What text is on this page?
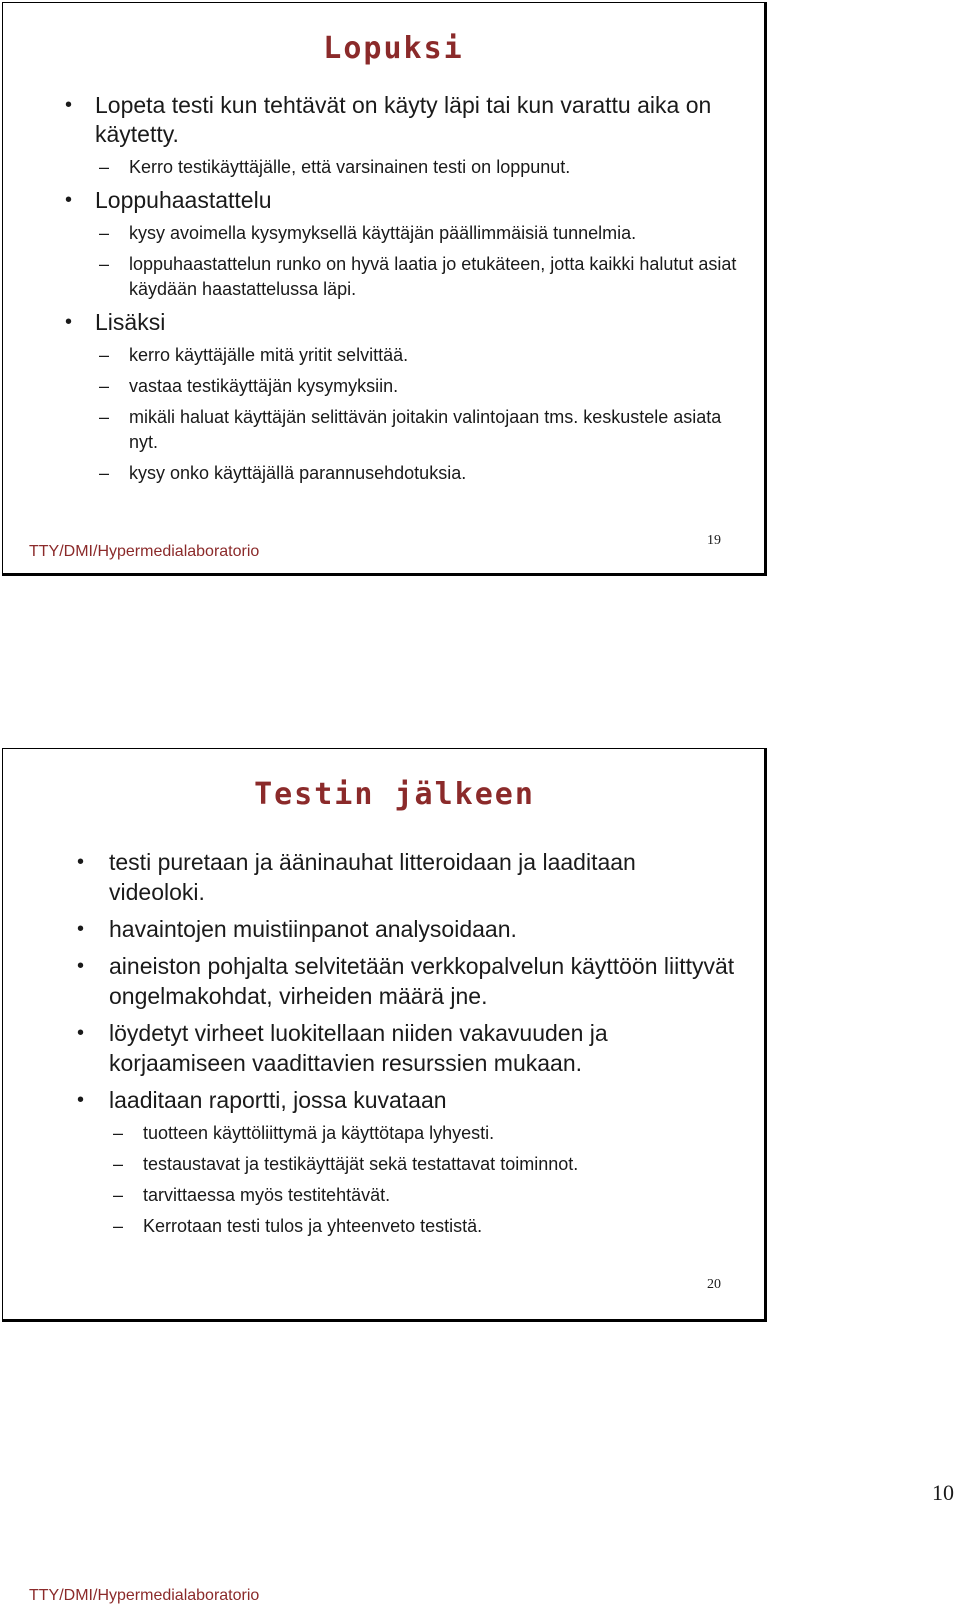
Lopuksi
• Lopeta testi kun tehtävät on käyty läpi tai kun varattu aika on käytetty.
– Kerro testikäyttäjälle, että varsinainen testi on loppunut.
• Loppuhaastattelu
– kysy avoimella kysymyksellä käyttäjän päällimmäisiä tunnelmia.
– loppuhaastattelun runko on hyvä laatia jo etukäteen, jotta kaikki halutut asiat käydään haastattelussa läpi.
• Lisäksi
– kerro käyttäjälle mitä yritit selvittää.
– vastaa testikäyttäjän kysymyksiin.
– mikäli haluat käyttäjän selittävän joitakin valintojaan tms. keskustele asiata nyt.
– kysy onko käyttäjällä parannusehdotuksia.
TTY/DMI/Hypermedialaboratorio
19
Testin jälkeen
• testi puretaan ja ääninauhat litteroidaan ja laaditaan videoloki.
• havaintojen muistiinpanot analysoidaan.
• aineiston pohjalta selvitetään verkkopalvelun käyttöön liittyvät ongelmakohdat, virheiden määrä jne.
• löydetyt virheet luokitellaan niiden vakavuuden ja korjaamiseen vaadittavien resurssien mukaan.
• laaditaan raportti, jossa kuvataan
– tuotteen käyttöliittymä ja käyttötapa lyhyesti.
– testaustavat ja testikäyttäjät sekä testattavat toiminnot.
– tarvittaessa myös testitehtävät.
– Kerrotaan testi tulos ja yhteenveto testistä.
TTY/DMI/Hypermedialaboratorio
20
10
